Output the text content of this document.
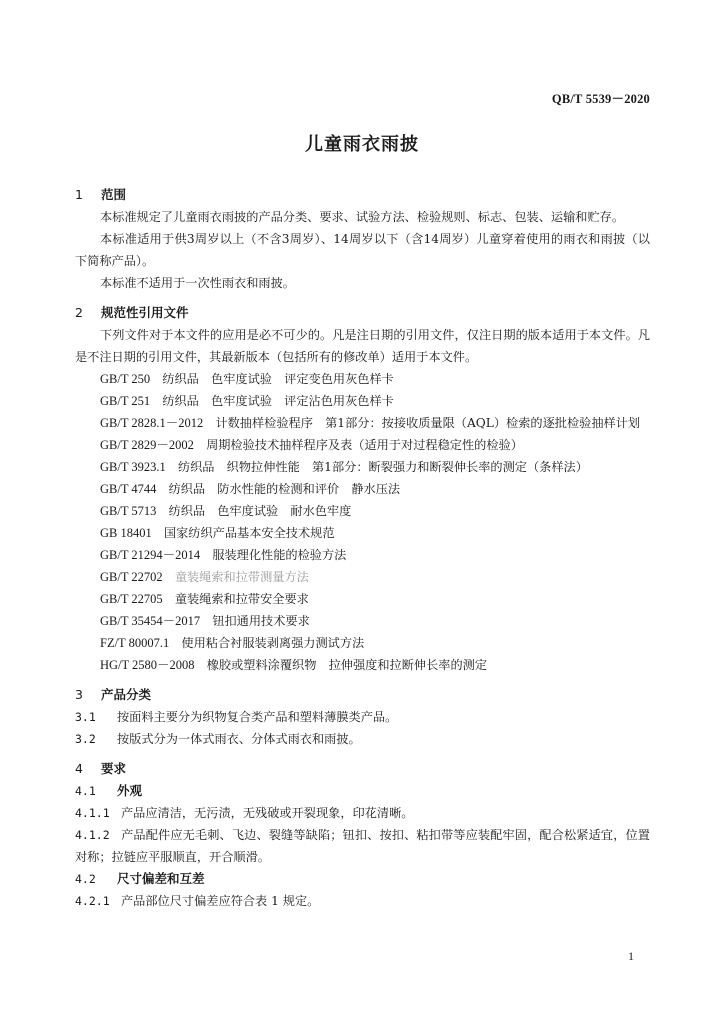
QB/T 5539－2020
儿童雨衣雨披
1 范围

本标准规定了儿童雨衣雨披的产品分类、要求、试验方法、检验规则、标志、包装、运输和贮存。

本标准适用于供3周岁以上（不含3周岁）、14周岁以下（含14周岁）儿童穿着使用的雨衣和雨披（以下简称产品）。

本标准不适用于一次性雨衣和雨披。

2 规范性引用文件

下列文件对于本文件的应用是必不可少的。凡是注日期的引用文件，仅注日期的版本适用于本文件。凡是不注日期的引用文件，其最新版本（包括所有的修改单）适用于本文件。

GB/T 250　 纺织品　色牢度试验　评定变色用灰色样卡

GB/T 251　 纺织品　色牢度试验　评定沾色用灰色样卡

GB/T 2828.1－2012　 计数抽样检验程序　第1部分：按接收质量限（AQL）检索的逐批检验抽样计划

GB/T 2829－2002　 周期检验技术抽样程序及表（适用于对过程稳定性的检验）

GB/T 3923.1　 纺织品　织物拉伸性能　第1部分：断裂强力和断裂伸长率的测定（条样法）

GB/T 4744　 纺织品　防水性能的检测和评价　静水压法

GB/T 5713　 纺织品　色牢度试验　耐水色牢度

GB 18401　 国家纺织产品基本安全技术规范

GB/T 21294－2014　 服装理化性能的检验方法

GB/T 22702　 童装绳索和拉带测量方法

GB/T 22705　 童装绳索和拉带安全要求

GB/T 35454－2017　 钮扣通用技术要求

FZ/T 80007.1　 使用粘合衬服装剥离强力测试方法

HG/T 2580－2008　 橡胶或塑料涂覆织物　拉伸强度和拉断伸长率的测定

3 产品分类

3.1 按面料主要分为织物复合类产品和塑料薄膜类产品。

3.2 按版式分为一体式雨衣、分体式雨衣和雨披。

4 要求
4.1 外观

4.1.1 产品应清洁，无污渍，无残破或开裂现象，印花清晰。

4.1.2 产品配件应无毛刺、飞边、裂缝等缺陷；钮扣、按扣、粘扣带等应装配牢固，配合松紧适宜，位置对称；拉链应平服顺直，开合顺滑。

4.2 尺寸偏差和互差

4.2.1 产品部位尺寸偏差应符合表 1 规定。

1
